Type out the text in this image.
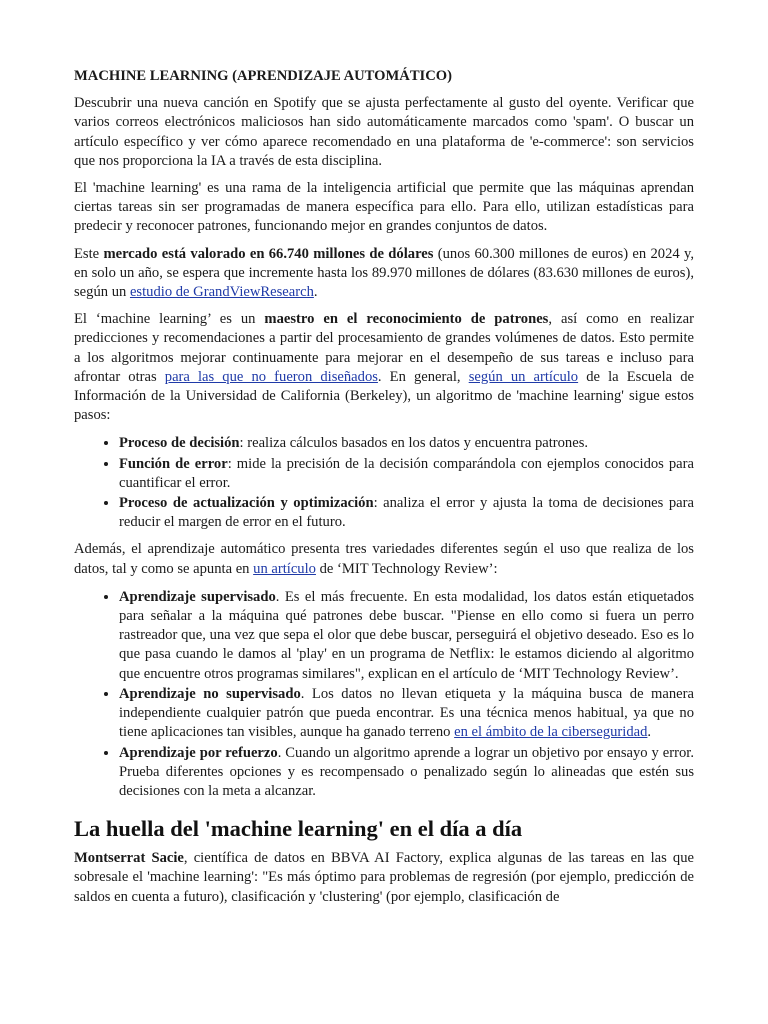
MACHINE LEARNING (APRENDIZAJE AUTOMÁTICO)

Descubrir una nueva canción en Spotify que se ajusta perfectamente al gusto del oyente. Verificar que varios correos electrónicos maliciosos han sido automáticamente marcados como 'spam'. O buscar un artículo específico y ver cómo aparece recomendado en una plataforma de 'e-commerce': son servicios que nos proporciona la IA a través de esta disciplina.

El 'machine learning' es una rama de la inteligencia artificial que permite que las máquinas aprendan ciertas tareas sin ser programadas de manera específica para ello. Para ello, utilizan estadísticas para predecir y reconocer patrones, funcionando mejor en grandes conjuntos de datos.

Este mercado está valorado en 66.740 millones de dólares (unos 60.300 millones de euros) en 2024 y, en solo un año, se espera que incremente hasta los 89.970 millones de dólares (83.630 millones de euros), según un estudio de GrandViewResearch.

El ‘machine learning’ es un maestro en el reconocimiento de patrones, así como en realizar predicciones y recomendaciones a partir del procesamiento de grandes volúmenes de datos. Esto permite a los algoritmos mejorar continuamente para mejorar en el desempeño de sus tareas e incluso para afrontar otras para las que no fueron diseñados. En general, según un artículo de la Escuela de Información de la Universidad de California (Berkeley), un algoritmo de 'machine learning' sigue estos pasos:

• Proceso de decisión: realiza cálculos basados en los datos y encuentra patrones.
• Función de error: mide la precisión de la decisión comparándola con ejemplos conocidos para cuantificar el error.
• Proceso de actualización y optimización: analiza el error y ajusta la toma de decisiones para reducir el margen de error en el futuro.

Además, el aprendizaje automático presenta tres variedades diferentes según el uso que realiza de los datos, tal y como se apunta en un artículo de ‘MIT Technology Review’:

• Aprendizaje supervisado. Es el más frecuente. En esta modalidad, los datos están etiquetados para señalar a la máquina qué patrones debe buscar. "Piense en ello como si fuera un perro rastreador que, una vez que sepa el olor que debe buscar, perseguirá el objetivo deseado. Eso es lo que pasa cuando le damos al 'play' en un programa de Netflix: le estamos diciendo al algoritmo que encuentre otros programas similares", explican en el artículo de ‘MIT Technology Review’.
• Aprendizaje no supervisado. Los datos no llevan etiqueta y la máquina busca de manera independiente cualquier patrón que pueda encontrar. Es una técnica menos habitual, ya que no tiene aplicaciones tan visibles, aunque ha ganado terreno en el ámbito de la ciberseguridad.
• Aprendizaje por refuerzo. Cuando un algoritmo aprende a lograr un objetivo por ensayo y error. Prueba diferentes opciones y es recompensado o penalizado según lo alineadas que estén sus decisiones con la meta a alcanzar.
La huella del 'machine learning' en el día a día

Montserrat Sacie, científica de datos en BBVA AI Factory, explica algunas de las tareas en las que sobresale el 'machine learning': "Es más óptimo para problemas de regresión (por ejemplo, predicción de saldos en cuenta a futuro), clasificación y 'clustering' (por ejemplo, clasificación de
